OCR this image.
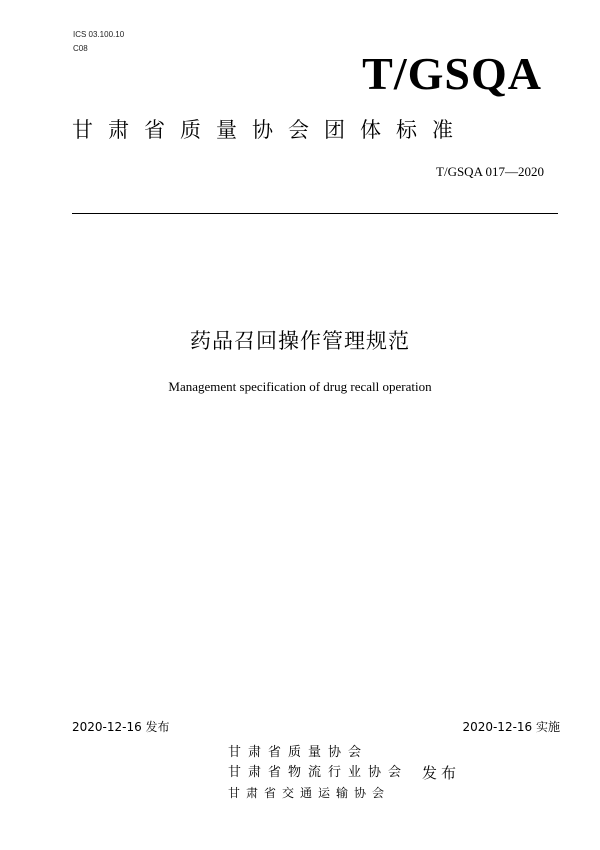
ICS 03.100.10
C08	T/GSQA
甘肃省质量协会团体标准
T/GSQA 017—2020
药品召回操作管理规范
Management specification of drug recall operation
2020-12-16 发布	2020-12-16 实施
甘肃省质量协会
甘肃省物流行业协会
甘肃省交通运输协会
发布
